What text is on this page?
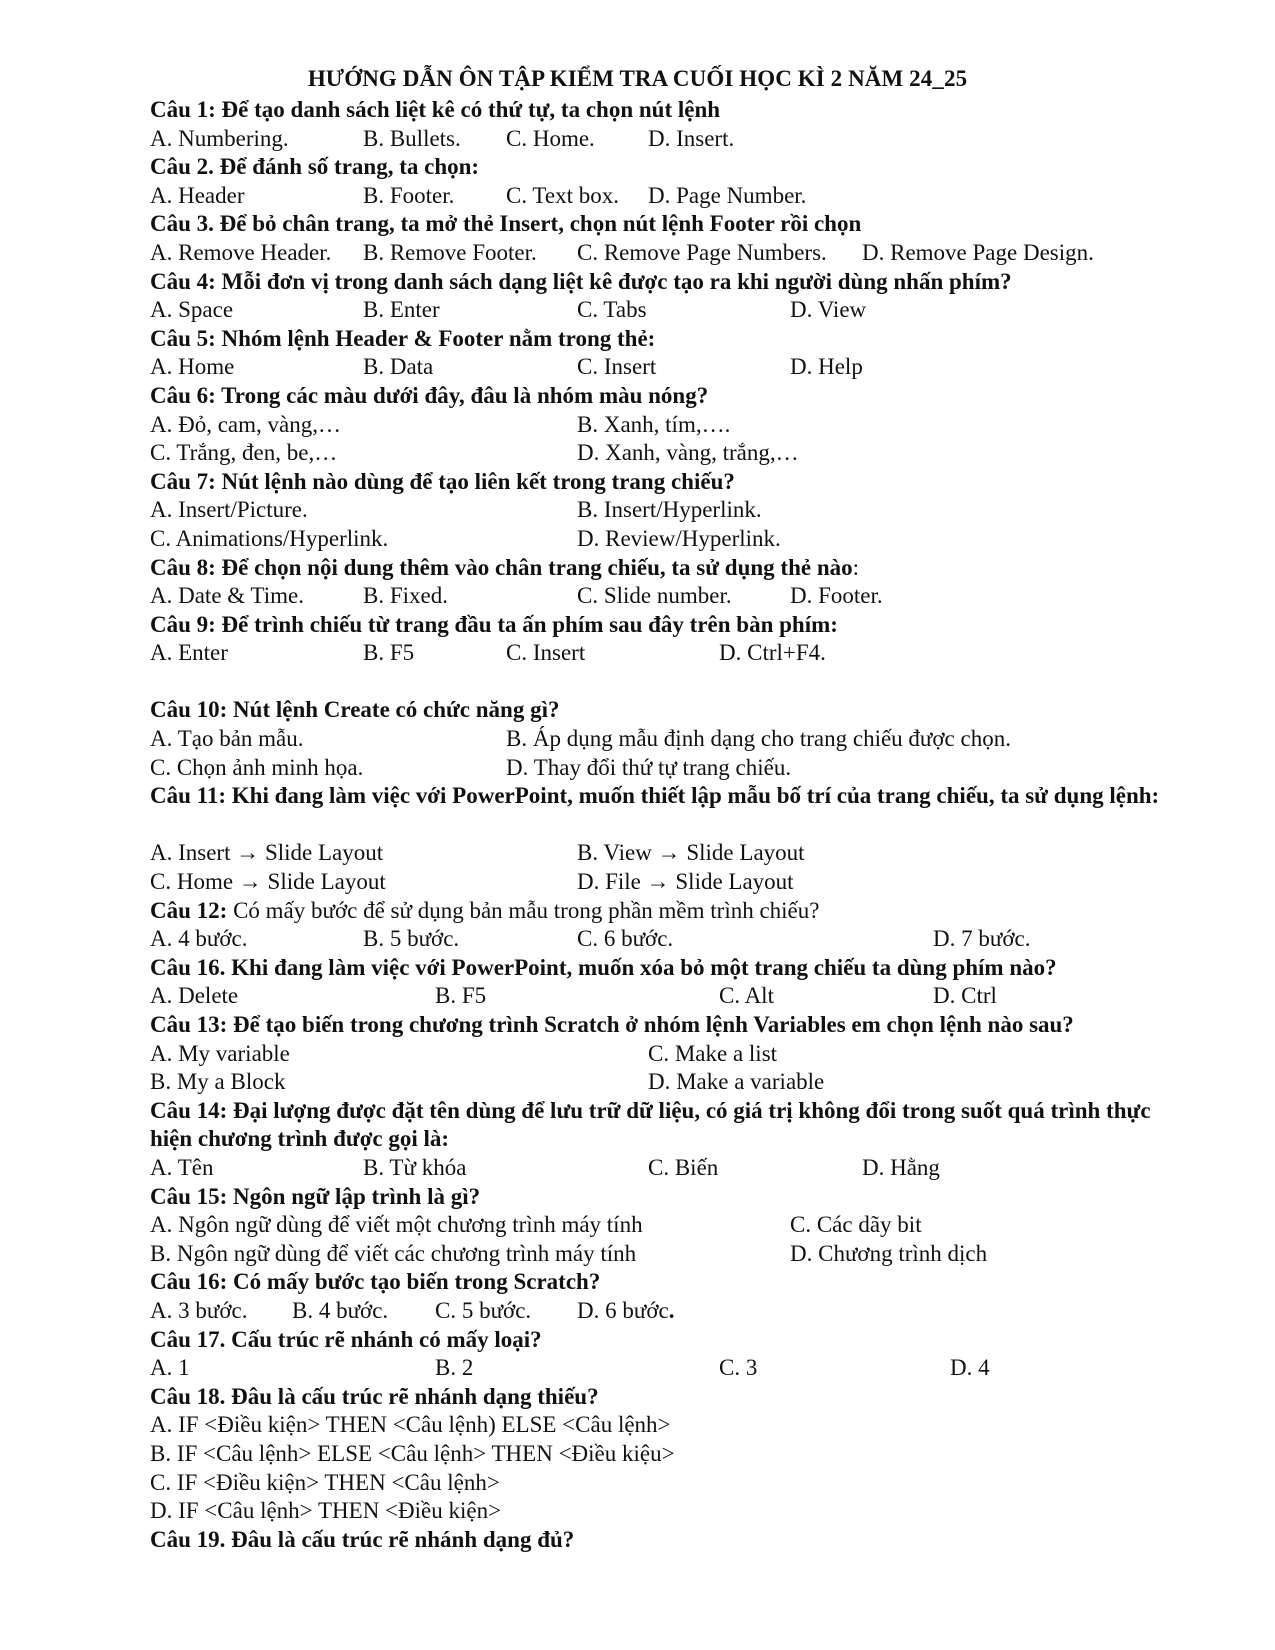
HƯỚNG DẪN ÔN TẬP KIỂM TRA CUỐI HỌC KÌ 2 NĂM 24_25
Câu 1: Để tạo danh sách liệt kê có thứ tự, ta chọn nút lệnh
A. Numbering.	B. Bullets. C. Home. D. Insert.
Câu 2. Để đánh số trang, ta chọn:
A. Header	B. Footer. C. Text box. D. Page Number.
Câu 3. Để bỏ chân trang, ta mở thẻ Insert, chọn nút lệnh Footer rồi chọn
A. Remove Header. B. Remove Footer. C. Remove Page Numbers. D. Remove Page Design.
Câu 4: Mỗi đơn vị trong danh sách dạng liệt kê được tạo ra khi người dùng nhấn phím?
A. Space	B. Enter	C. Tabs	D. View
Câu 5: Nhóm lệnh Header & Footer nằm trong thẻ:
A. Home	B. Data	C. Insert	D. Help
Câu 6: Trong các màu dưới đây, đâu là nhóm màu nóng?
A. Đỏ, cam, vàng,…	B. Xanh, tím,….
C. Trắng, đen, be,…	D. Xanh, vàng, trắng,…
Câu 7: Nút lệnh nào dùng để tạo liên kết trong trang chiếu?
A. Insert/Picture.	B. Insert/Hyperlink.
C. Animations/Hyperlink.	D. Review/Hyperlink.
Câu 8: Để chọn nội dung thêm vào chân trang chiếu, ta sử dụng thẻ nào:
A. Date & Time.	B. Fixed.	C. Slide number.	D. Footer.
Câu 9: Để trình chiếu từ trang đầu ta ấn phím sau đây trên bàn phím:
A. Enter	B. F5	C. Insert	D. Ctrl+F4.
Câu 10: Nút lệnh Create có chức năng gì?
A. Tạo bản mẫu.	B. Áp dụng mẫu định dạng cho trang chiếu được chọn.
C. Chọn ảnh minh họa.	D. Thay đổi thứ tự trang chiếu.
Câu 11: Khi đang làm việc với PowerPoint, muốn thiết lập mẫu bố trí của trang chiếu, ta sử dụng lệnh:
A. Insert → Slide Layout	B. View → Slide Layout
C. Home → Slide Layout	D. File → Slide Layout
Câu 12: Có mấy bước để sử dụng bản mẫu trong phần mềm trình chiếu?
A. 4 bước.	B. 5 bước.	C. 6 bước.	D. 7 bước.
Câu 16. Khi đang làm việc với PowerPoint, muốn xóa bỏ một trang chiếu ta dùng phím nào?
A. Delete	B. F5	C. Alt	D. Ctrl
Câu 13: Để tạo biến trong chương trình Scratch ở nhóm lệnh Variables em chọn lệnh nào sau?
A. My variable	C. Make a list
B. My a Block	D. Make a variable
Câu 14: Đại lượng được đặt tên dùng để lưu trữ dữ liệu, có giá trị không đổi trong suốt quá trình thực hiện chương trình được gọi là:
A. Tên	B. Từ khóa	C. Biến	D. Hằng
Câu 15: Ngôn ngữ lập trình là gì?
A. Ngôn ngữ dùng để viết một chương trình máy tính	C. Các dãy bit
B. Ngôn ngữ dùng để viết các chương trình máy tính	D. Chương trình dịch
Câu 16: Có mấy bước tạo biến trong Scratch?
A. 3 bước. B. 4 bước. C. 5 bước. D. 6 bước.
Câu 17. Cấu trúc rẽ nhánh có mấy loại?
A. 1	B. 2	C. 3	D. 4
Câu 18. Đâu là cấu trúc rẽ nhánh dạng thiếu?
A. IF <Điều kiện> THEN <Câu lệnh) ELSE <Câu lệnh>
B. IF <Câu lệnh> ELSE <Câu lệnh> THEN <Điều kiệu>
C. IF <Điều kiện> THEN <Câu lệnh>
D. IF <Câu lệnh> THEN <Điều kiện>
Câu 19. Đâu là cấu trúc rẽ nhánh dạng đủ?
